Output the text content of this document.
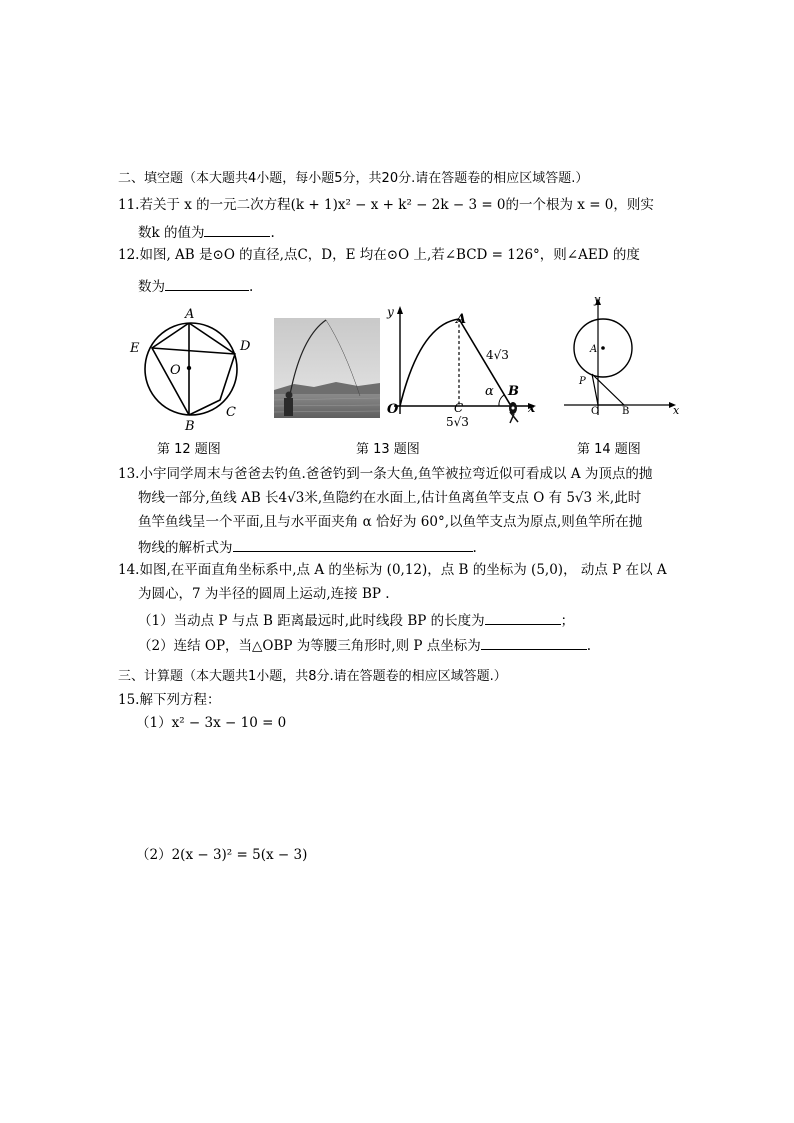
二、填空题（本大题共4小题，每小题5分，共20分.请在答题卷的相应区域答题.）
11.若关于 x 的一元二次方程(k + 1)x² − x + k² − 2k − 3 = 0的一个根为 x = 0，则实
数k 的值为	.
12.如图, AB 是⊙O 的直径,点C，D，E 均在⊙O 上,若∠BCD = 126°，则∠AED 的度
数为	.
A
E	D
O
C
B
第 12 题图
y	A
4√3
α B
O	C
5√3
x
第 13 题图
y
A
P
O B	x
第 14 题图
13.小宇同学周末与爸爸去钓鱼.爸爸钓到一条大鱼,鱼竿被拉弯近似可看成以 A 为顶点的抛
物线一部分,鱼线 AB 长4√3米,鱼隐约在水面上,估计鱼离鱼竿支点 O 有 5√3 米,此时
鱼竿鱼线呈一个平面,且与水平面夹角 α 恰好为 60°,以鱼竿支点为原点,则鱼竿所在抛
物线的解析式为	.
14.如图,在平面直角坐标系中,点 A 的坐标为 (0,12)，点 B 的坐标为 (5,0)， 动点 P 在以 A
为圆心，7 为半径的圆周上运动,连接 BP .
（1）当动点 P 与点 B 距离最远时,此时线段 BP 的长度为	；
（2）连结 OP，当△OBP 为等腰三角形时,则 P 点坐标为	.
三、计算题（本大题共1小题，共8分.请在答题卷的相应区域答题.）
15.解下列方程：
（1）x² − 3x − 10 = 0
（2）2(x − 3)² = 5(x − 3)
